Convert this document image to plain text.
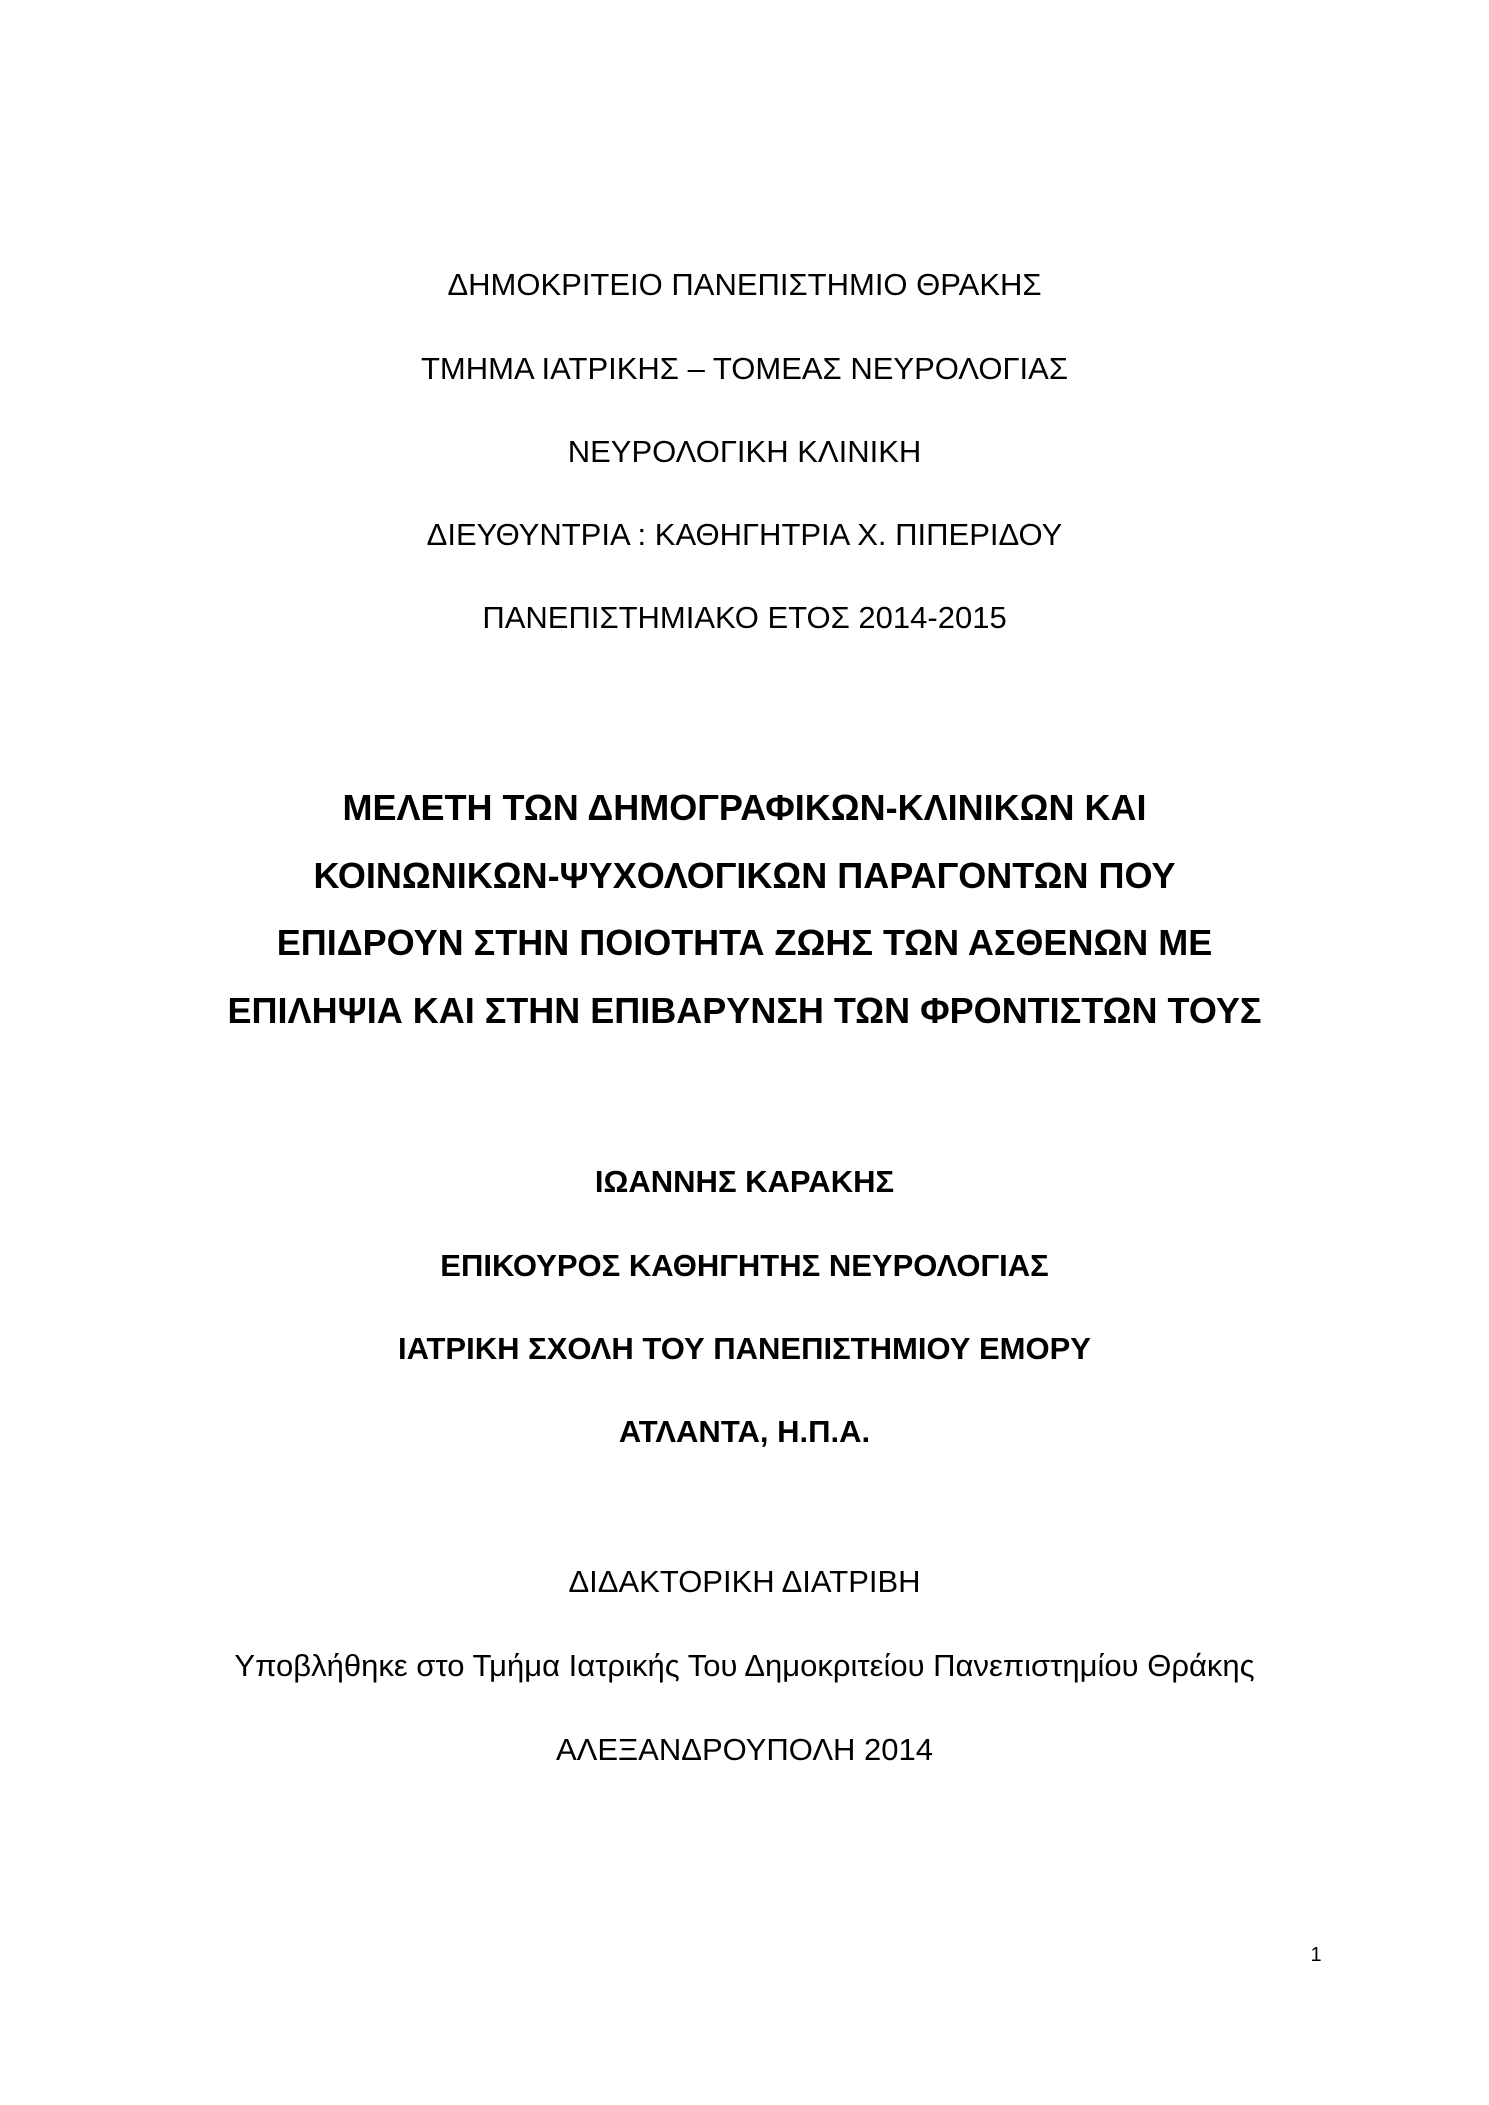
ΔΗΜΟΚΡΙΤΕΙΟ ΠΑΝΕΠΙΣΤΗΜΙΟ ΘΡΑΚΗΣ
ΤΜΗΜΑ ΙΑΤΡΙΚΗΣ – ΤΟΜΕΑΣ ΝΕΥΡΟΛΟΓΙΑΣ
ΝΕΥΡΟΛΟΓΙΚΗ ΚΛΙΝΙΚΗ
ΔΙΕΥΘΥΝΤΡΙΑ : ΚΑΘΗΓΗΤΡΙΑ Χ. ΠΙΠΕΡΙΔΟΥ
ΠΑΝΕΠΙΣΤΗΜΙΑΚΟ ΕΤΟΣ 2014-2015
ΜΕΛΕΤΗ ΤΩΝ ΔΗΜΟΓΡΑΦΙΚΩΝ-ΚΛΙΝΙΚΩΝ ΚΑΙ
ΚΟΙΝΩΝΙΚΩΝ-ΨΥΧΟΛΟΓΙΚΩΝ ΠΑΡΑΓΟΝΤΩΝ ΠΟΥ
ΕΠΙΔΡΟΥΝ ΣΤΗΝ ΠΟΙΟΤΗΤΑ ΖΩΗΣ ΤΩΝ ΑΣΘΕΝΩΝ ΜΕ
ΕΠΙΛΗΨΙΑ ΚΑΙ ΣΤΗΝ ΕΠΙΒΑΡΥΝΣΗ ΤΩΝ ΦΡΟΝΤΙΣΤΩΝ ΤΟΥΣ
ΙΩΑΝΝΗΣ ΚΑΡΑΚΗΣ
ΕΠΙΚΟΥΡΟΣ ΚΑΘΗΓΗΤΗΣ ΝΕΥΡΟΛΟΓΙΑΣ
ΙΑΤΡΙΚΗ ΣΧΟΛΗ ΤΟΥ ΠΑΝΕΠΙΣΤΗΜΙΟΥ ΕΜΟΡΥ
ΑΤΛΑΝΤΑ, Η.Π.Α.
ΔΙΔΑΚΤΟΡΙΚΗ ΔΙΑΤΡΙΒΗ
Υποβλήθηκε στο Τμήμα Ιατρικής Του Δημοκριτείου Πανεπιστημίου Θράκης
ΑΛΕΞΑΝΔΡΟΥΠΟΛΗ 2014
1
